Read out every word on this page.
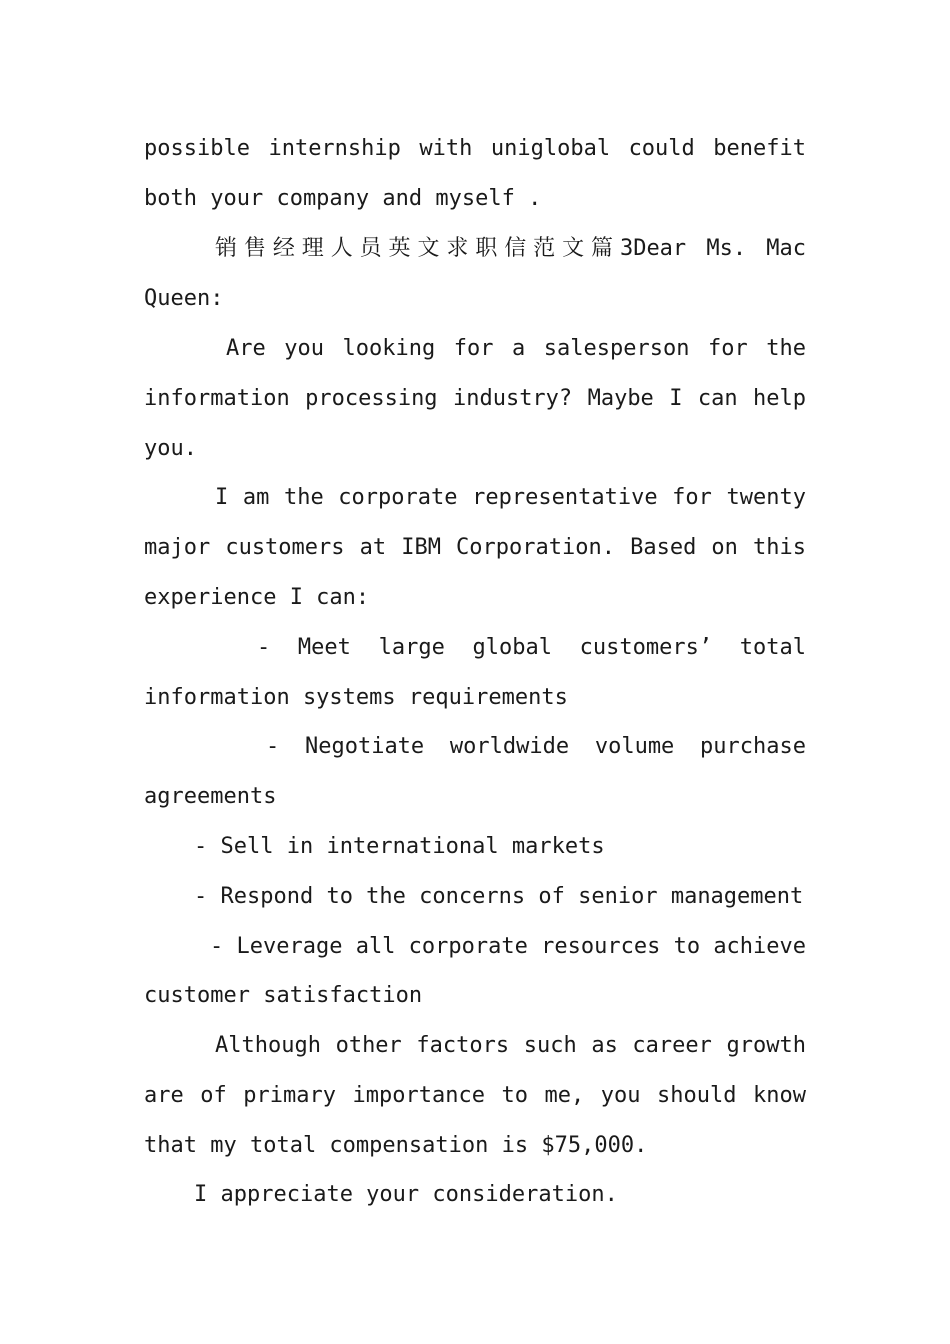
possible internship with uniglobal could benefit

both your company and myself .

销售经理人员英文求职信范文篇3Dear Ms. Mac

Queen:

Are you looking for a salesperson for the

information processing industry? Maybe I can help

you.

I am the corporate representative for twenty

major customers at IBM Corporation. Based on this

experience I can:

- Meet large global customers’ total

information systems requirements

- Negotiate worldwide volume purchase

agreements

- Sell in international markets

- Respond to the concerns of senior management

- Leverage all corporate resources to achieve

customer satisfaction

Although other factors such as career growth

are of primary importance to me, you should know

that my total compensation is $75,000.

I appreciate your consideration.
